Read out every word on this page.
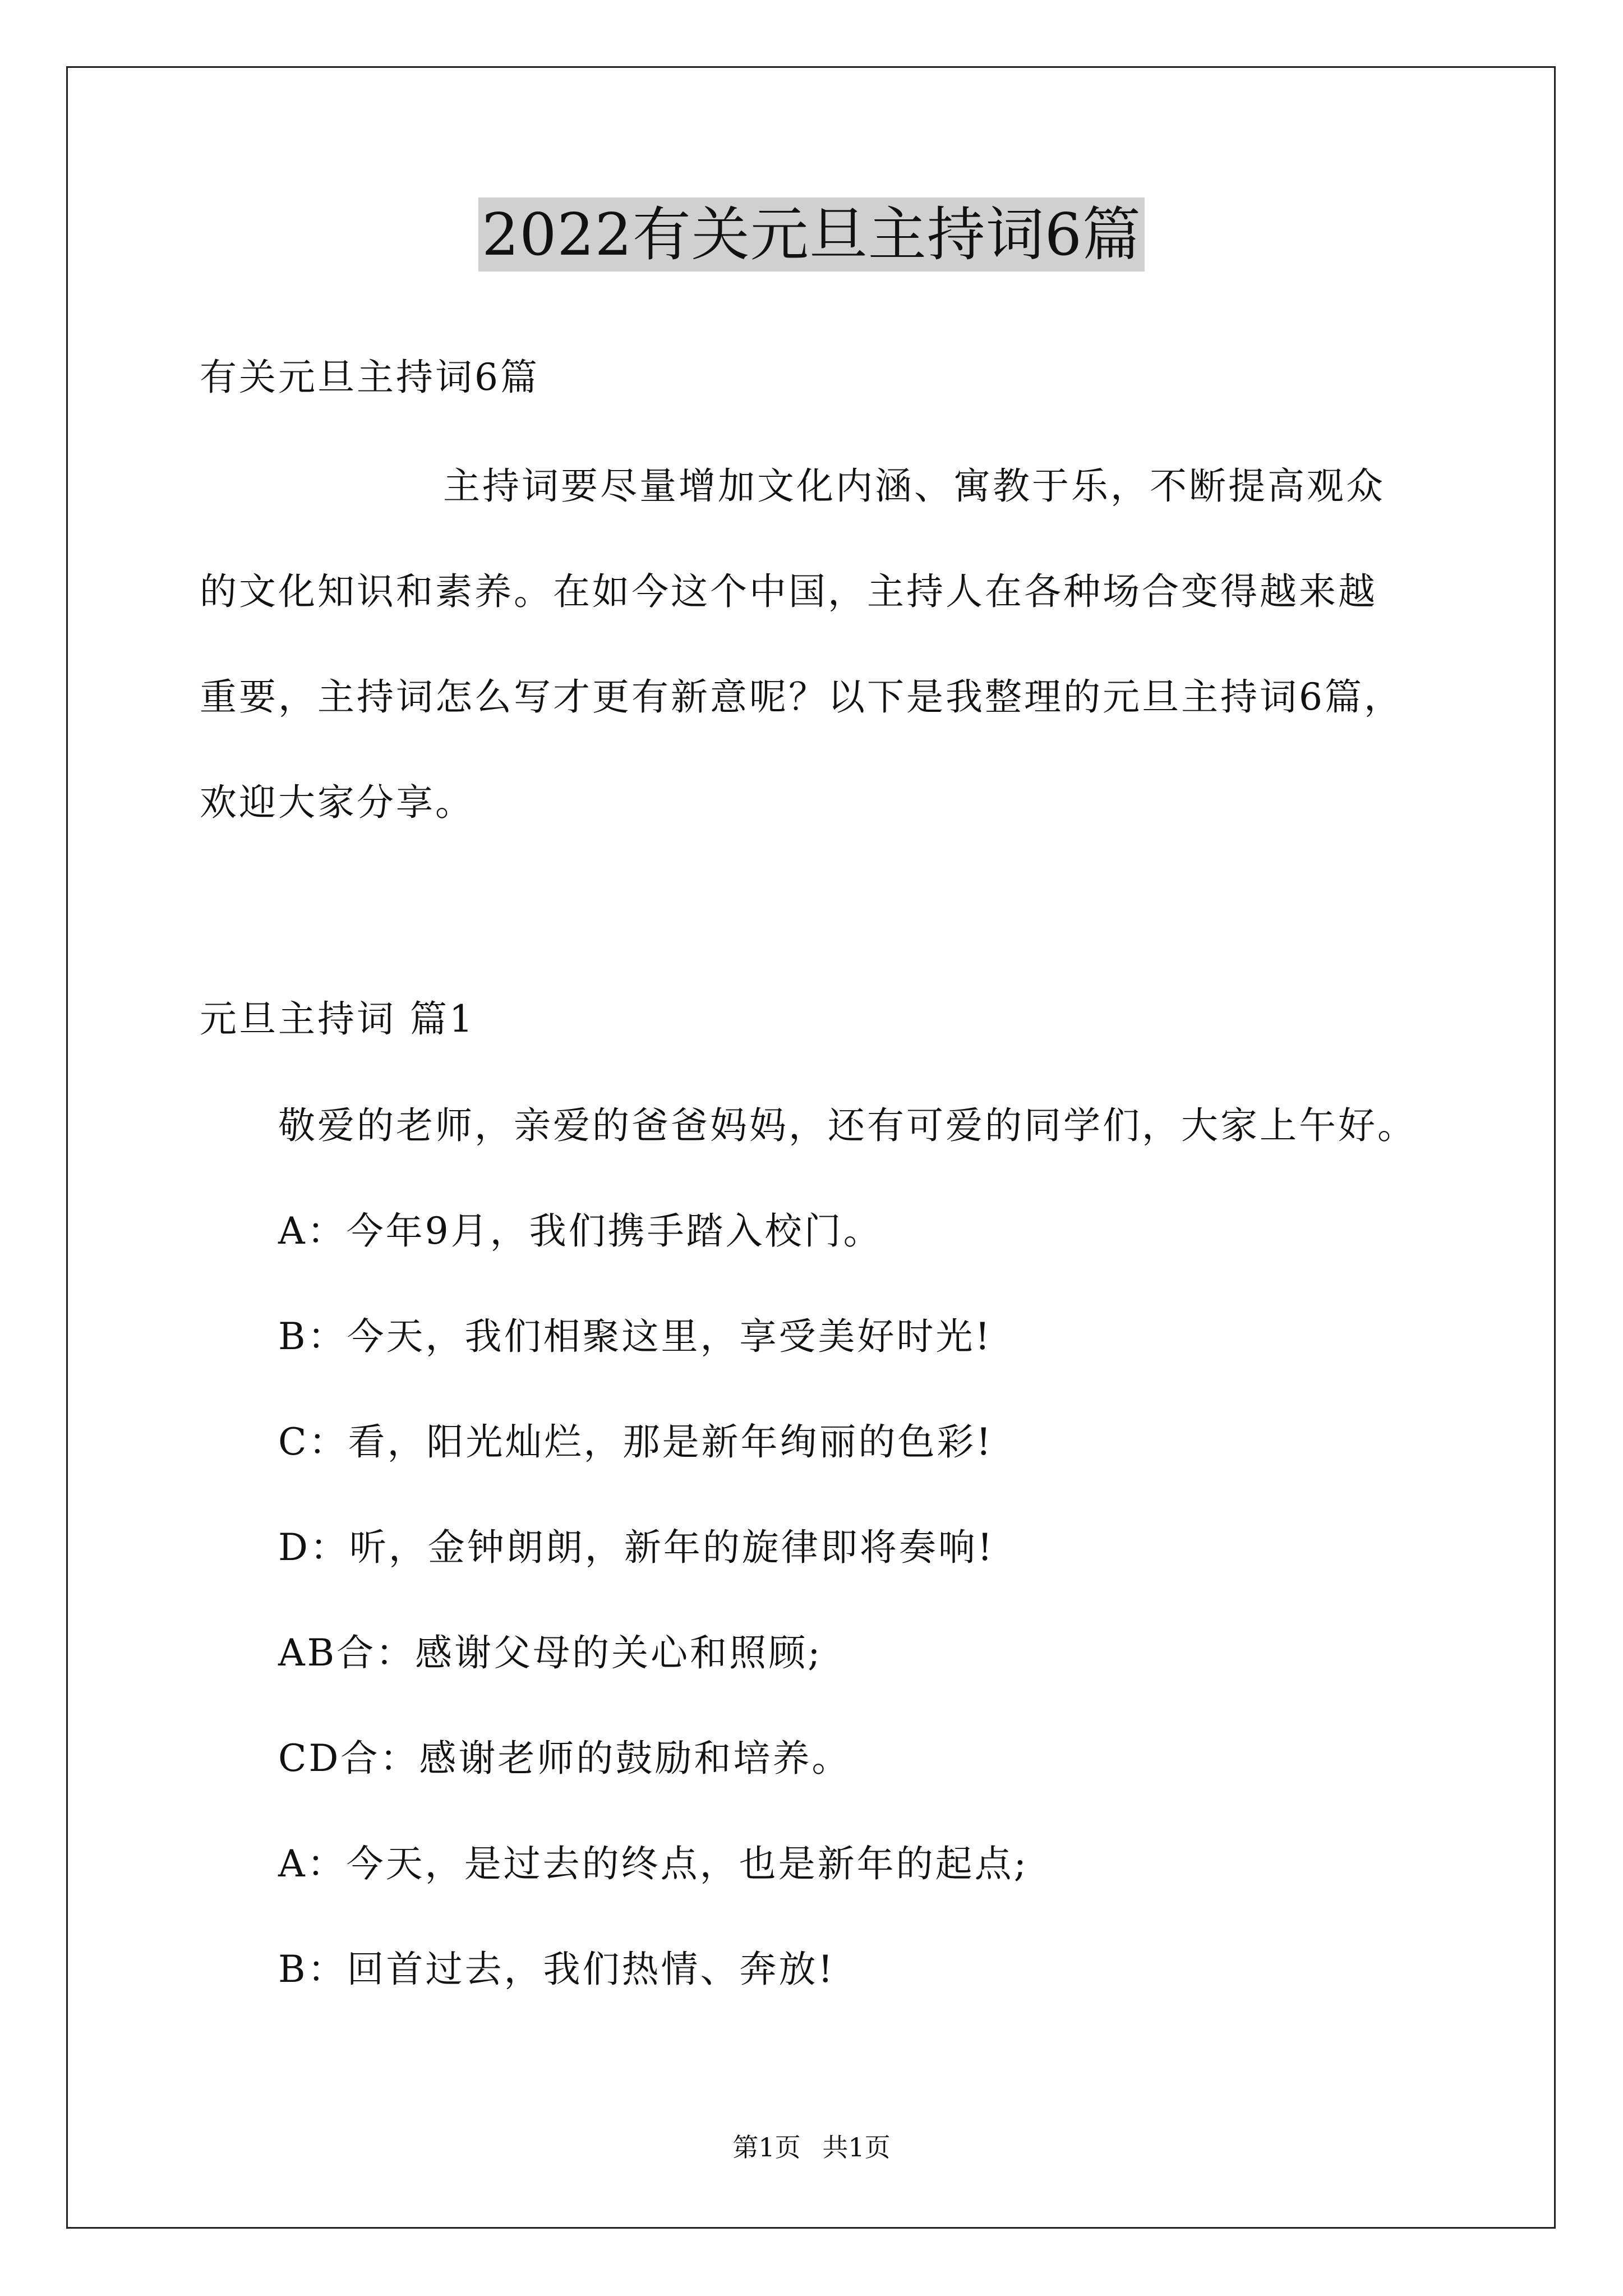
2022有关元旦主持词6篇
有关元旦主持词6篇
主持词要尽量增加文化内涵、寓教于乐，不断提高观众
的文化知识和素养。在如今这个中国，主持人在各种场合变得越来越
重要，主持词怎么写才更有新意呢？以下是我整理的元旦主持词6篇，
欢迎大家分享。
元旦主持词 篇1
敬爱的老师，亲爱的爸爸妈妈，还有可爱的同学们，大家上午好。
A：今年9月，我们携手踏入校门。
B：今天，我们相聚这里，享受美好时光!
C：看，阳光灿烂，那是新年绚丽的色彩!
D：听，金钟朗朗，新年的旋律即将奏响!
AB合：感谢父母的关心和照顾;
CD合：感谢老师的鼓励和培养。
A：今天，是过去的终点，也是新年的起点;
B：回首过去，我们热情、奔放!
第1页 共1页
